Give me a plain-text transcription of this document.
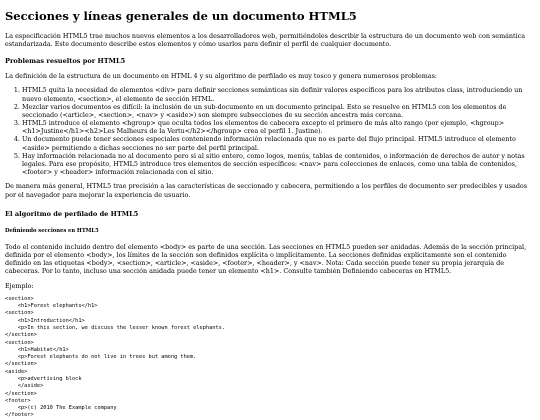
Secciones y líneas generales de un documento HTML5

La especificación HTML5 trae muchos nuevos elementos a los desarrolladores web, permitiéndoles describir la estructura de un documento web con semántica estandarizada. Este documento describe estos elementos y cómo usarlos para definir el perfil de cualquier documento.

Problemas resueltos por HTML5

La definición de la estructura de un documento en HTML 4 y su algoritmo de perfilado es muy tosco y genera numerosos problemas:

1. HTML5 quita la necesidad de elementos <div> para definir secciones semánticas sin definir valores específicos para los atributos class, introduciendo un nuevo elemento, <section>, el elemento de sección HTML.
2. Mezclar varios documentos es difícil: la inclusión de un sub-documento en un documento principal. Esto se resuelve en HTML5 con los elementos de seccionado (<article>, <section>, <nav> y <aside>) son siempre subsecciones de su sección ancestra más cercana.
3. HTML5 introduce el elemento <hgroup> que oculta todos los elementos de cabecera excepto el primero de más alto rango (por ejemplo, <hgroup><h1>Justine</h1><h2>Les Malheurs de la Vertu</h2></hgroup> crea el perfil 1. Justine).
4. Un documento puede tener secciones especiales conteniendo información relacionada que no es parte del flujo principal. HTML5 introduce el elemento <aside> permitiendo a dichas secciones no ser parte del perfil principal.
5. Hay información relacionada no al documento pero si al sitio entero, como logos, menús, tablas de contenidos, o información de derechos de autor y notas legales. Para ese propósito, HTML5 introduce tres elementos de sección específicos: <nav> para colecciones de enlaces, como una tabla de contenidos, <footer> y <header> información relacionada con el sitio.

De manera más general, HTML5 trae precisión a las características de seccionado y cabecera, permitiendo a los perfiles de documento ser predecibles y usados por el navegador para mejorar la experiencia de usuario.

El algoritmo de perfilado de HTML5
Definiendo secciones en HTML5

Todo el contenido incluido dentro del elemento <body> es parte de una sección. Las secciones en HTML5 pueden ser anidadas. Además de la sección principal, definida por el elemento <body>, los límites de la sección son definidos explícita o implícitamente. La secciones definidas explícitamente son el contenido definido en las etiquetas <body>, <section>, <article>, <aside>, <footer>, <header>, y <nav>. Nota: Cada sección puede tener su propia jerarquía de cabeceras. Por lo tanto, incluso una sección anidada puede tener un elemento <h1>. Consulte también Definiendo cabeceras en HTML5.

Ejemplo:

<section>
<h1>Forest elephants</h1>
<section>
<h1>Introduction</h1>
<p>In this section, we discuss the lesser known forest elephants.
</section>
<section>
<h1>Habitat</h1>
<p>Forest elephants do not live in trees but among them.
</section>
<aside>
<p>advertising block
</aside>
</section>
<footer>
<p>(c) 2010 The Example company
</footer>
